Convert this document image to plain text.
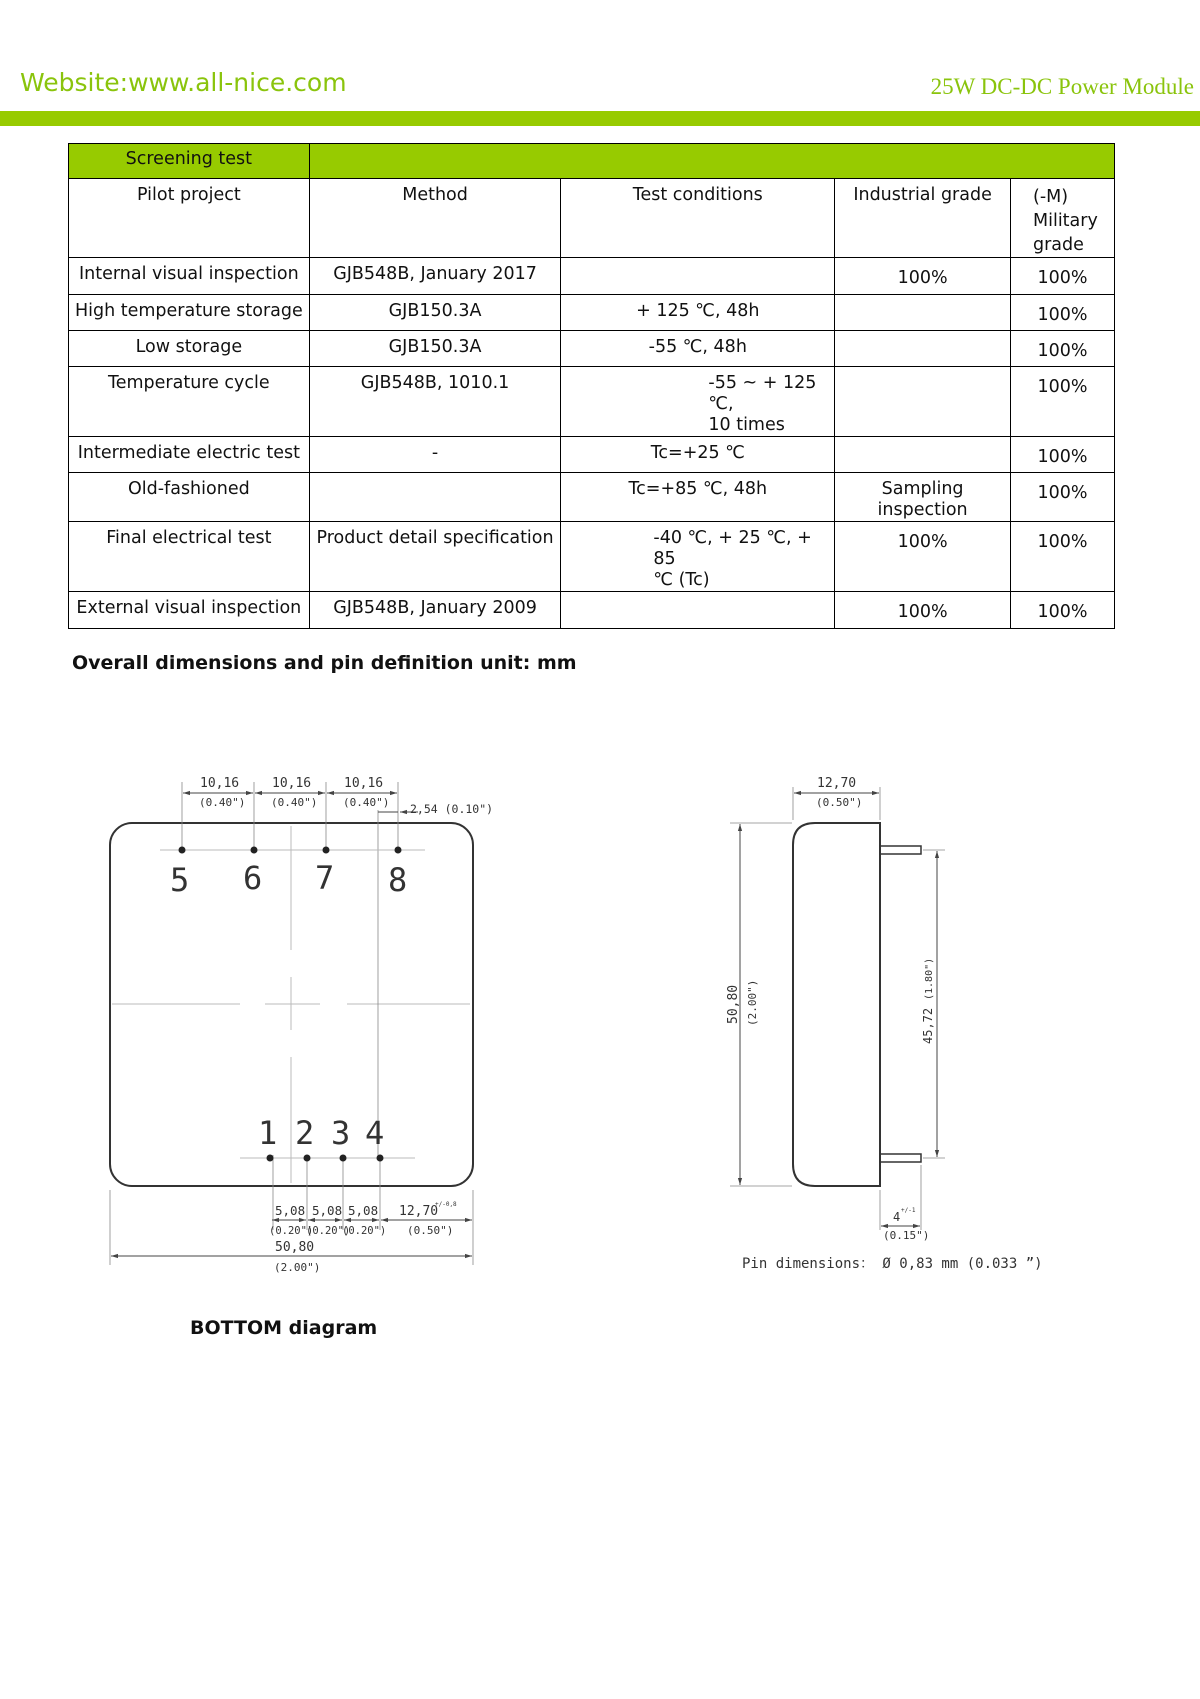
Website:www.all-nice.com	25W DC-DC Power Module
Screening test				
Pilot project	Method	Test conditions	Industrial grade	(-M)
Military
grade
Internal visual inspection	GJB548B, January 2017		100%	100%
High temperature storage	GJB150.3A	+ 125 ℃, 48h		100%
Low storage	GJB150.3A	-55 ℃, 48h		100%
Temperature cycle	GJB548B, 1010.1	-55 ~ + 125 ℃,
10 times		100%
Intermediate electric test	-	Tc=+25 ℃		100%
Old-fashioned		Tc=+85 ℃, 48h	Sampling inspection	100%
Final electrical test	Product detail specification	-40 ℃, + 25 ℃, + 85
℃ (Tc)	100%	100%
External visual inspection	GJB548B, January 2009		100%	100%
Overall dimensions and pin definition unit: mm
5 6 7 8
1 2 3 4
10,16
(0.40")
10,16
(0.40")
10,16
(0.40") 2,54 (0.10")
5,08
(0.20")
5,08
(0.20")
5,08
(0.20")
12,70
+/-0,8
(0.50")
50,80
(2.00")
12,70
(0.50")
50,80 (2.00")	45,72
(1.80")
4 +/-1
(0.15")
Pin dimensions： Ø 0,83 mm (0.033 ”)
BOTTOM diagram
